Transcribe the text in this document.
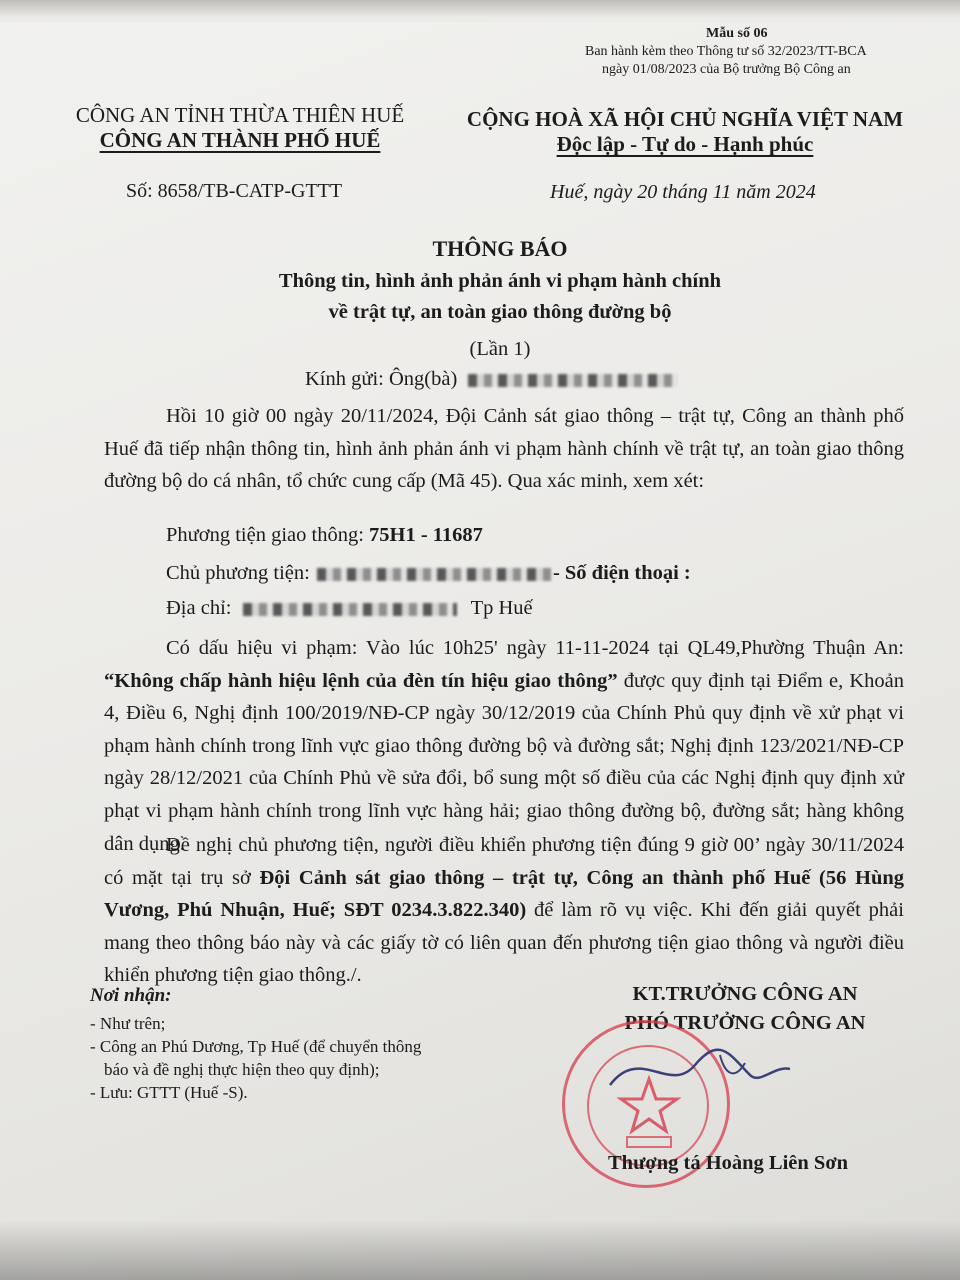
Mẫu số 06
Ban hành kèm theo Thông tư số 32/2023/TT-BCA
ngày 01/08/2023 của Bộ trưởng Bộ Công an
CÔNG AN TỈNH THỪA THIÊN HUẾ
CÔNG AN THÀNH PHỐ HUẾ
Số: 8658/TB-CATP-GTTT
CỘNG HOÀ XÃ HỘI CHỦ NGHĨA VIỆT NAM
Độc lập - Tự do - Hạnh phúc
Huế, ngày 20 tháng 11 năm 2024
THÔNG BÁO
Thông tin, hình ảnh phản ánh vi phạm hành chính
về trật tự, an toàn giao thông đường bộ
(Lần 1)
Kính gửi: Ông(bà)
Hồi 10 giờ 00 ngày 20/11/2024, Đội Cảnh sát giao thông – trật tự, Công an thành phố Huế đã tiếp nhận thông tin, hình ảnh phản ánh vi phạm hành chính về trật tự, an toàn giao thông đường bộ do cá nhân, tổ chức cung cấp (Mã 45). Qua xác minh, xem xét:
Phương tiện giao thông: 75H1 - 11687
Chủ phương tiện:	- Số điện thoại :
Địa chỉ:	Tp Huế
Có dấu hiệu vi phạm: Vào lúc 10h25' ngày 11-11-2024 tại QL49,Phường Thuận An: “Không chấp hành hiệu lệnh của đèn tín hiệu giao thông” được quy định tại Điểm e, Khoản 4, Điều 6, Nghị định 100/2019/NĐ-CP ngày 30/12/2019 của Chính Phủ quy định về xử phạt vi phạm hành chính trong lĩnh vực giao thông đường bộ và đường sắt; Nghị định 123/2021/NĐ-CP ngày 28/12/2021 của Chính Phủ về sửa đổi, bổ sung một số điều của các Nghị định quy định xử phạt vi phạm hành chính trong lĩnh vực hàng hải; giao thông đường bộ, đường sắt; hàng không dân dụng.
Đề nghị chủ phương tiện, người điều khiển phương tiện đúng 9 giờ 00’ ngày 30/11/2024 có mặt tại trụ sở Đội Cảnh sát giao thông – trật tự, Công an thành phố Huế (56 Hùng Vương, Phú Nhuận, Huế; SĐT 0234.3.822.340) để làm rõ vụ việc. Khi đến giải quyết phải mang theo thông báo này và các giấy tờ có liên quan đến phương tiện giao thông và người điều khiển phương tiện giao thông./.
Nơi nhận:
- Như trên;
- Công an Phú Dương, Tp Huế (để chuyển thông
báo và đề nghị thực hiện theo quy định);
- Lưu: GTTT (Huế -S).
KT.TRƯỞNG CÔNG AN
PHÓ TRƯỞNG CÔNG AN
Thượng tá Hoàng Liên Sơn
